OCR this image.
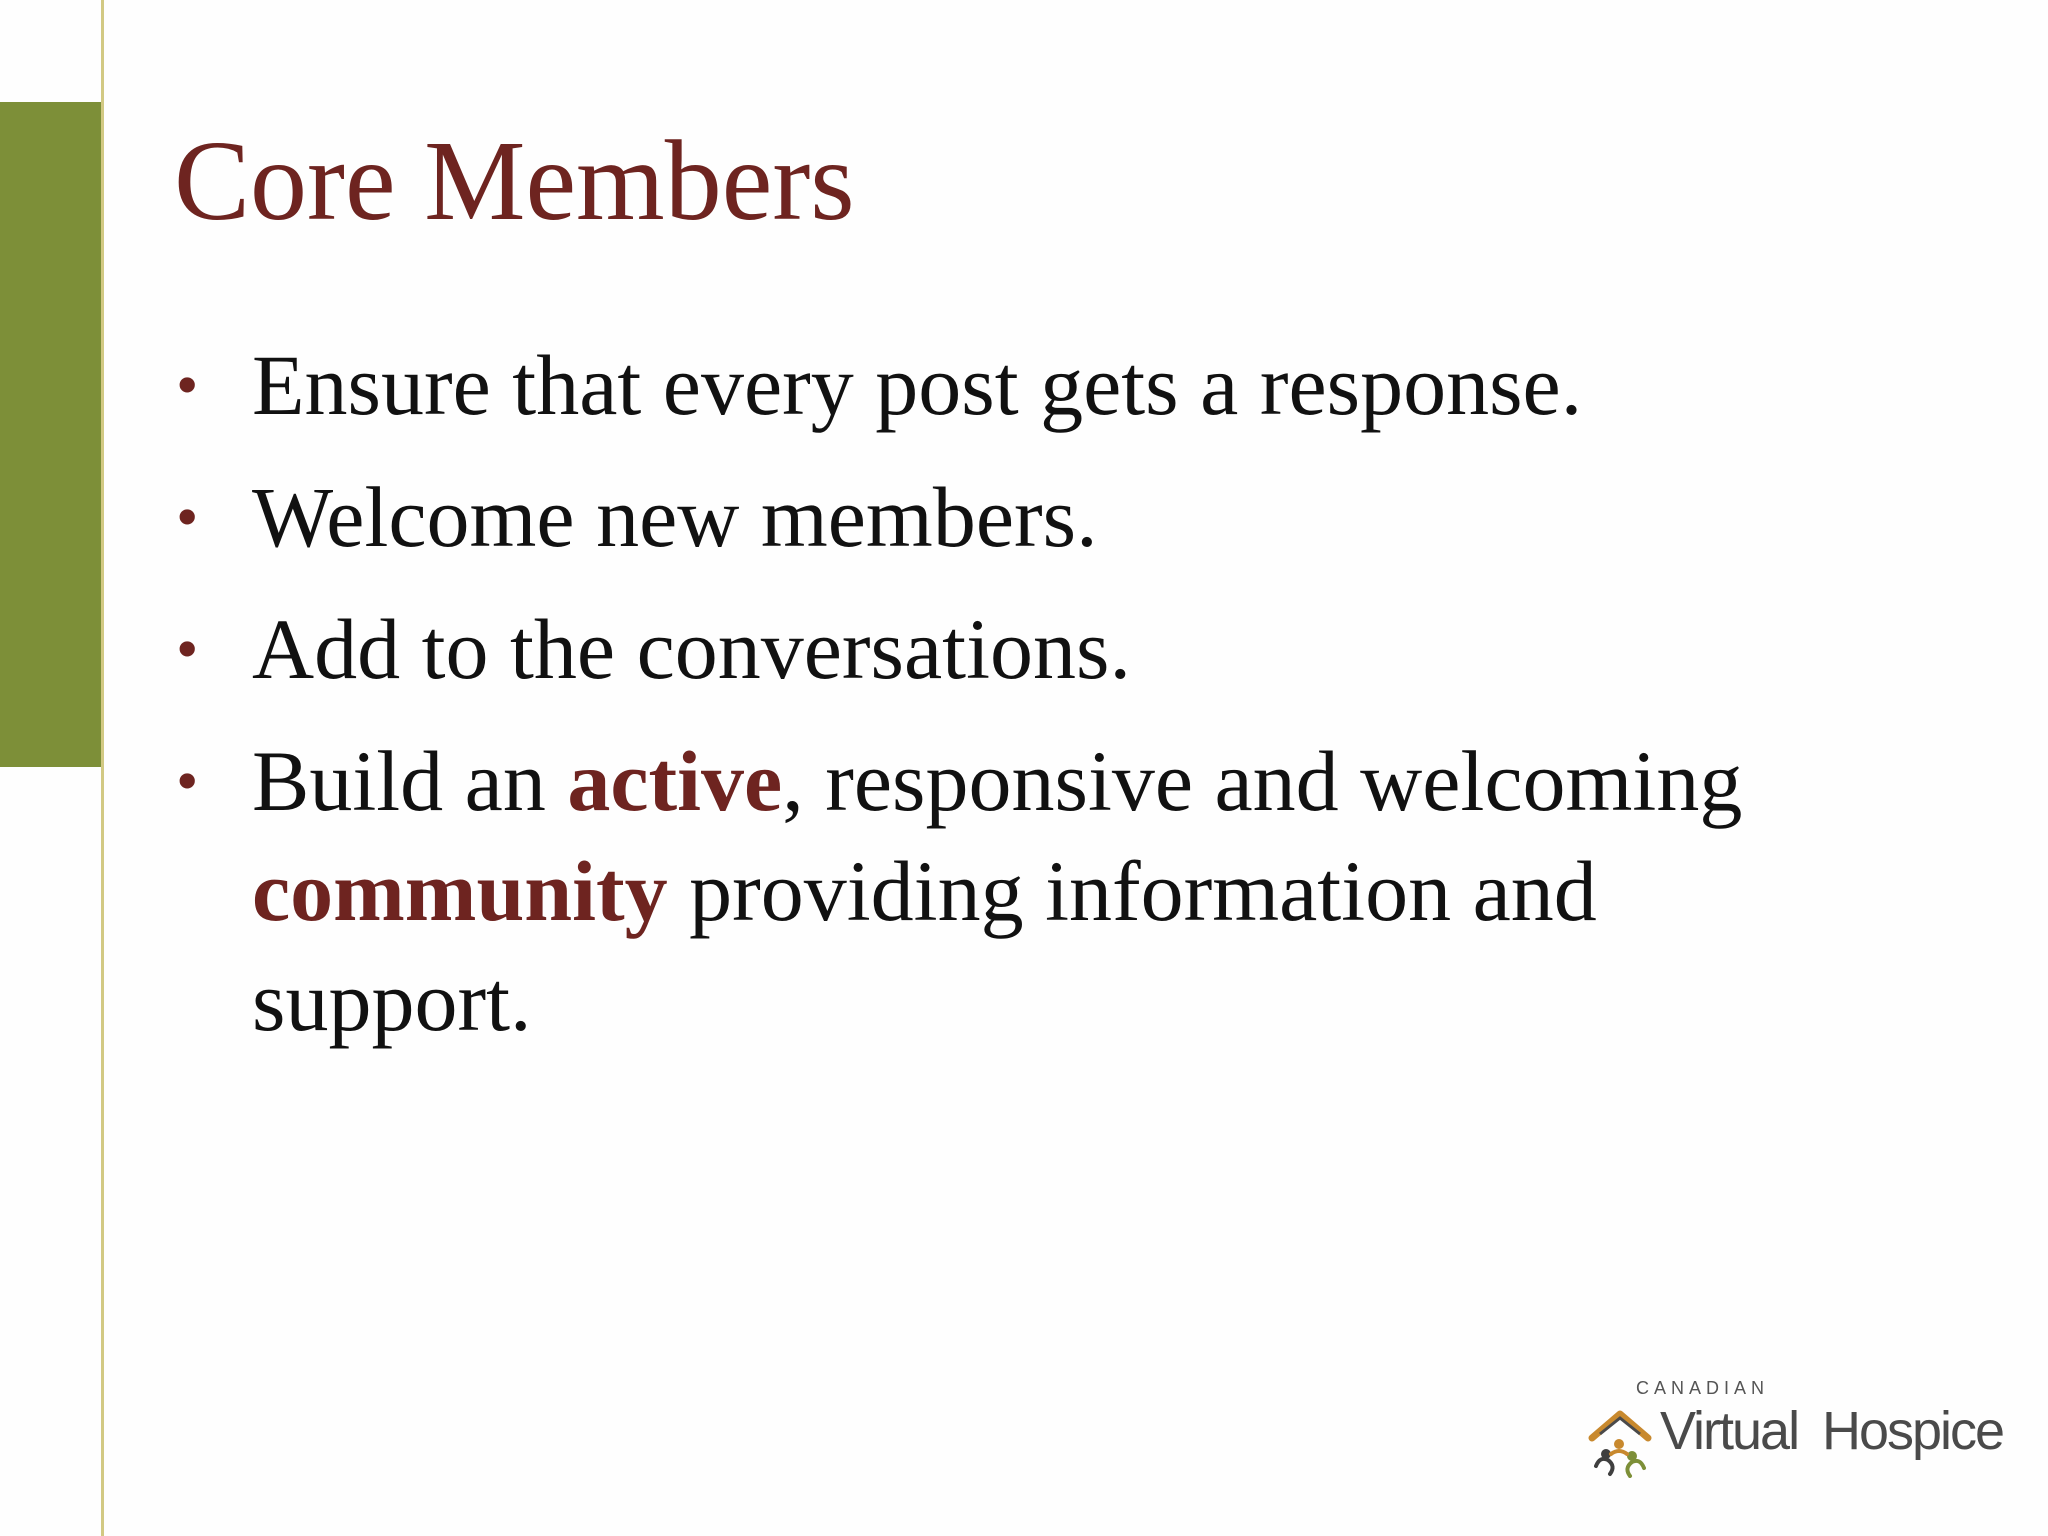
Core Members
• Ensure that every post gets a response.
• Welcome new members.
• Add to the conversations.
• Build an active, responsive and welcoming
community providing information and support.
CANADIAN
Virtual Hospice
